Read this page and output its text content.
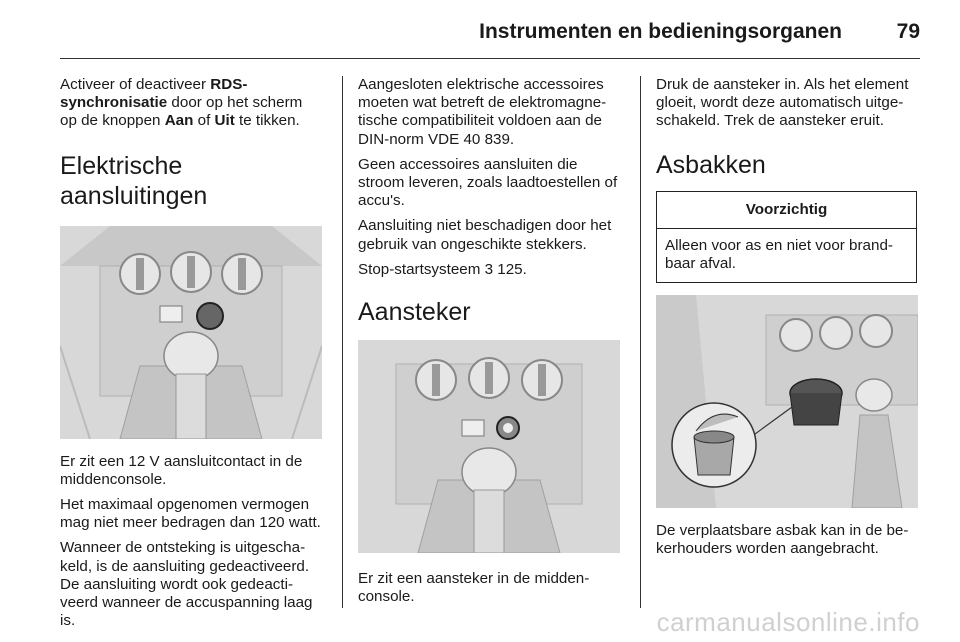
Instrumenten en bedieningsorganen	79

Activeer of deactiveer RDS-synchronisatie door op het scherm op de knoppen Aan of Uit te tikken.

Elektrische aansluitingen

Er zit een 12 V aansluitcontact in de middenconsole.

Het maximaal opgenomen vermogen mag niet meer bedragen dan 120 watt.

Wanneer de ontsteking is uitgeschakeld, is de aansluiting gedeactiveerd. De aansluiting wordt ook gedeactiveerd wanneer de accuspanning laag is.

Aangesloten elektrische accessoires moeten wat betreft de elektromagnetische compatibiliteit voldoen aan de DIN-norm VDE 40 839.

Geen accessoires aansluiten die stroom leveren, zoals laadtoestellen of accu's.

Aansluiting niet beschadigen door het gebruik van ongeschikte stekkers.

Stop-startsysteem 3 125.

Aansteker

Er zit een aansteker in de middenconsole.

Druk de aansteker in. Als het element gloeit, wordt deze automatisch uitgeschakeld. Trek de aansteker eruit.

Asbakken
Voorzichtig
Alleen voor as en niet voor brandbaar afval.

De verplaatsbare asbak kan in de bekerhouders worden aangebracht.

carmanualsonline.info
